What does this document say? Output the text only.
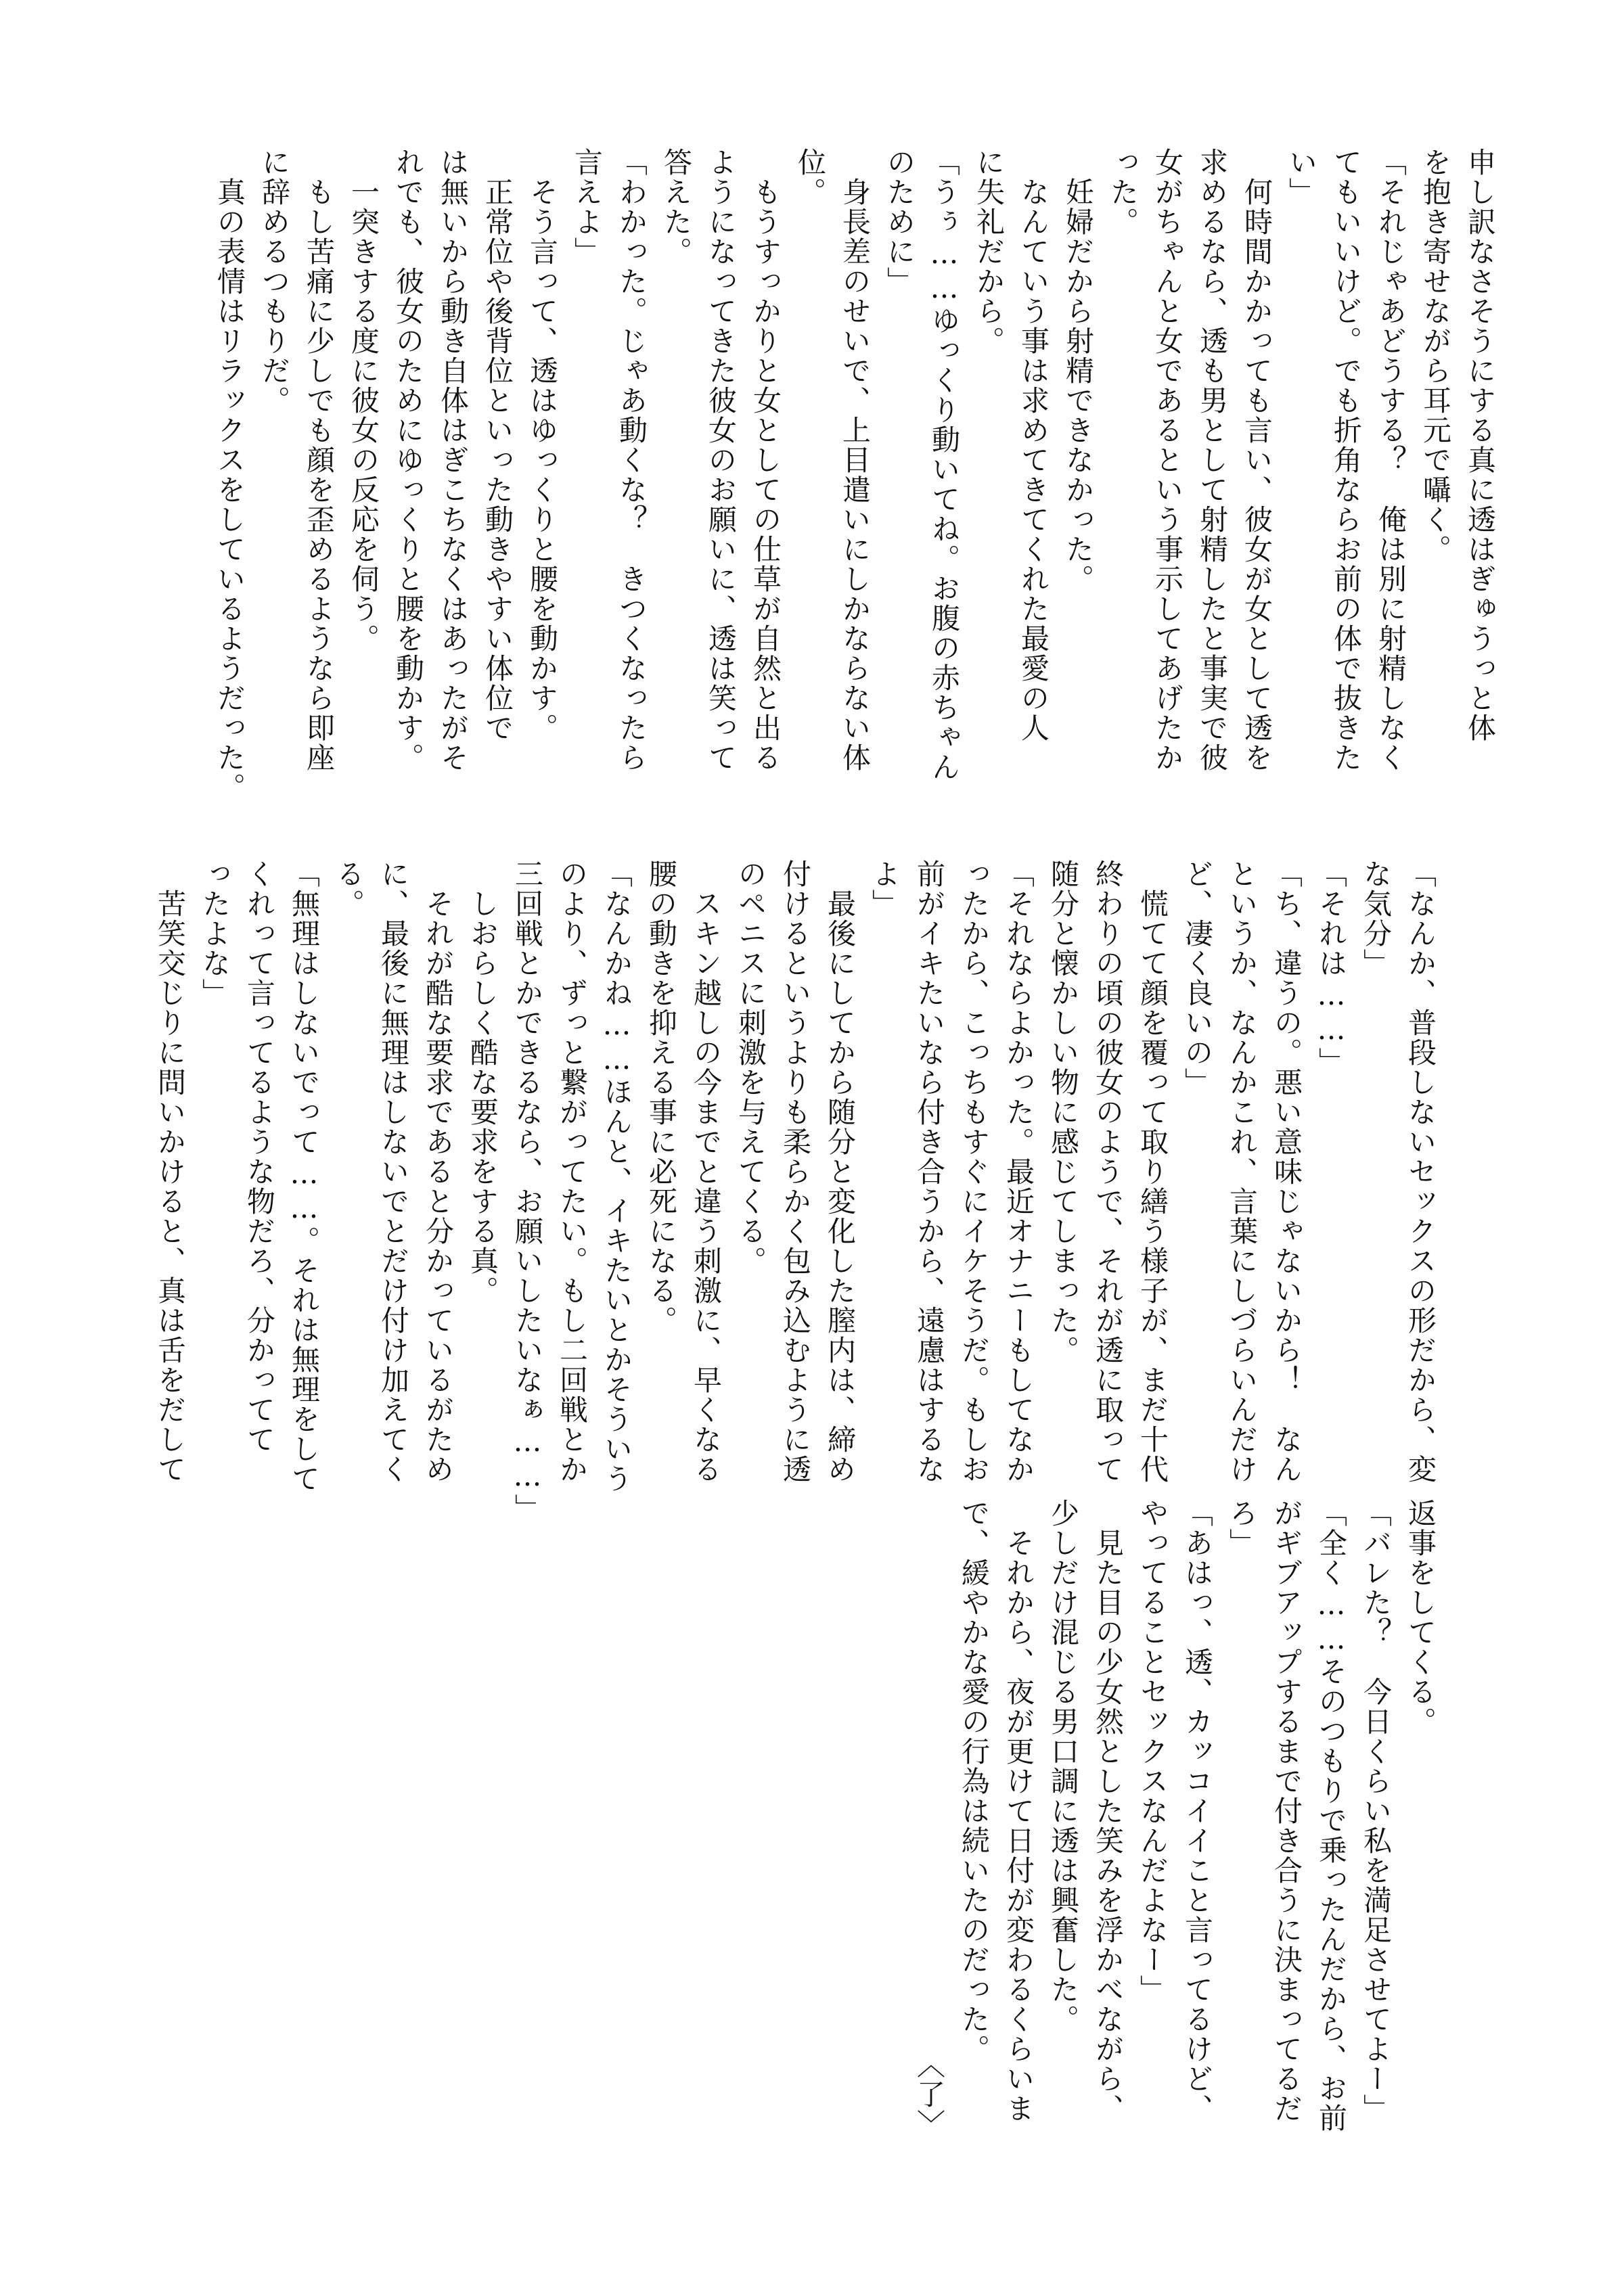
申し訳なさそうにする真に透はぎゅうっと体

を抱き寄せながら耳元で囁く。

「それじゃあどうする？　俺は別に射精しなく

てもいいけど。でも折角ならお前の体で抜きた

い」

　何時間かかっても言い、彼女が女として透を

求めるなら、透も男として射精したと事実で彼

女がちゃんと女であるという事示してあげたか

った。

　妊婦だから射精できなかった。

　なんていう事は求めてきてくれた最愛の人

に失礼だから。

「うぅ……ゆっくり動いてね。お腹の赤ちゃん

のために」

　身長差のせいで、上目遣いにしかならない体

位。

　もうすっかりと女としての仕草が自然と出る

ようになってきた彼女のお願いに、透は笑って

答えた。

「わかった。じゃあ動くな？　きつくなったら

言えよ」

　そう言って、透はゆっくりと腰を動かす。

　正常位や後背位といった動きやすい体位で

は無いから動き自体はぎこちなくはあったがそ

れでも、彼女のためにゆっくりと腰を動かす。

　一突きする度に彼女の反応を伺う。

　もし苦痛に少しでも顔を歪めるようなら即座

に辞めるつもりだ。

　真の表情はリラックスをしているようだった。

「なんか、普段しないセックスの形だから、変

な気分」

「それは……」

「ち、違うの。悪い意味じゃないから！　なん

というか、なんかこれ、言葉にしづらいんだけ

ど、凄く良いの」

　慌てて顔を覆って取り繕う様子が、まだ十代

終わりの頃の彼女のようで、それが透に取って

随分と懐かしい物に感じてしまった。

「それならよかった。最近オナニーもしてなか

ったから、こっちもすぐにイケそうだ。もしお

前がイキたいなら付き合うから、遠慮はするな

よ」

　最後にしてから随分と変化した膣内は、締め

付けるというよりも柔らかく包み込むように透

のペニスに刺激を与えてくる。

　スキン越しの今までと違う刺激に、早くなる

腰の動きを抑える事に必死になる。

「なんかね……ほんと、イキたいとかそういう

のより、ずっと繋がってたい。もし二回戦とか

三回戦とかできるなら、お願いしたいなぁ……」

　しおらしく酷な要求をする真。

　それが酷な要求であると分かっているがため

に、最後に無理はしないでとだけ付け加えてく

る。

「無理はしないでって……。それは無理をして

くれって言ってるような物だろ、分かってて

ったよな」

　苦笑交じりに問いかけると、真は舌をだして

返事をしてくる。

「バレた？　今日くらい私を満足させてよー」

「全く……そのつもりで乗ったんだから、お前

がギブアップするまで付き合うに決まってるだ

ろ」

「あはっ、透、カッコイイこと言ってるけど、

やってることセックスなんだよなー」

　見た目の少女然とした笑みを浮かべながら、

少しだけ混じる男口調に透は興奮した。

　それから、夜が更けて日付が変わるくらいま

で、緩やかな愛の行為は続いたのだった。

　　　　　　　　　　　　　　　　　　　〈了〉
